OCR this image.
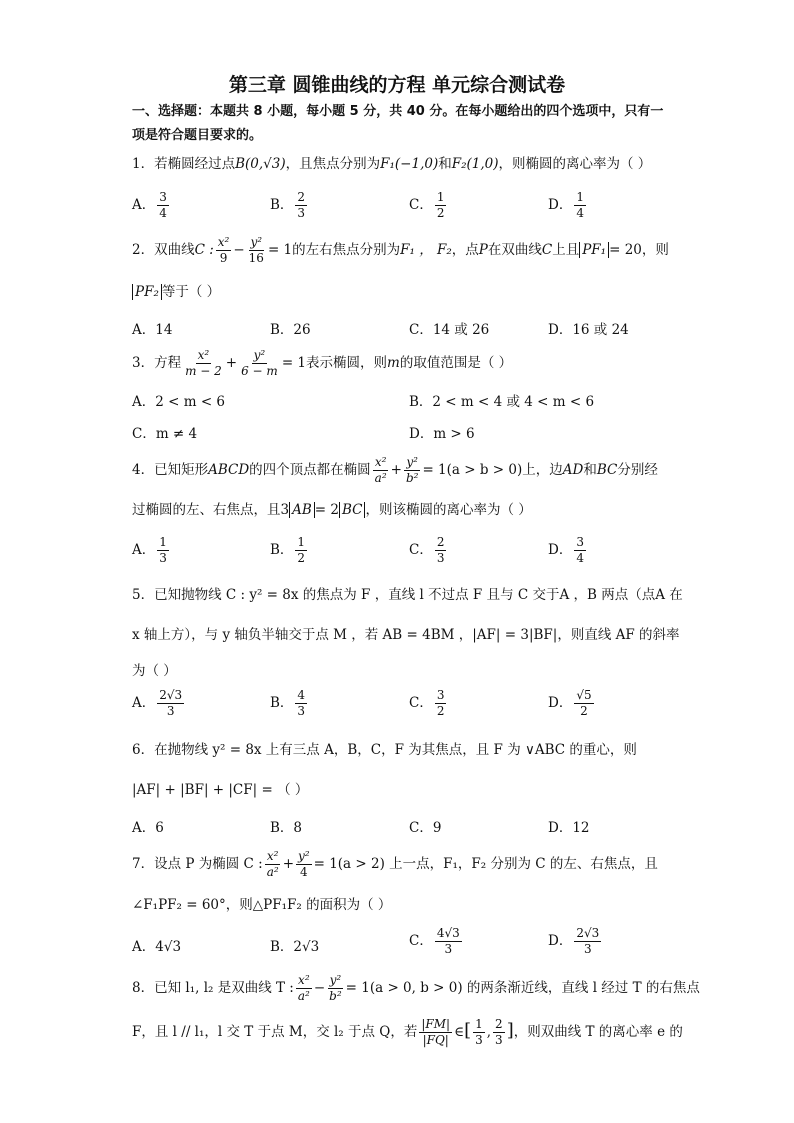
第三章 圆锥曲线的方程 单元综合测试卷
一、选择题：本题共 8 小题，每小题 5 分，共 40 分。在每小题给出的四个选项中，只有一项是符合题目要求的。
1．若椭圆经过点B(0,√3)，且焦点分别为F₁(−1,0)和F₂(1,0)，则椭圆的离心率为（ ）
A． $\frac{3}{4}$	B． $\frac{2}{3}$	C． $\frac{1}{2}$	D． $\frac{1}{4}$
2．双曲线C : $\frac{\text{x²}}{9} - \frac{\text{y²}}{16} = 1$的左右焦点分别为F₁ ， F₂，点P在双曲线C上且 PF₁ = 20，则
PF₂ 等于（ ）
A．14	B．26	C．14 或 26	D．16 或 24
3．方程 $\frac{\text{x²}}{m - 2} + \frac{\text{y²}}{6 - m} = 1$表示椭圆，则m的取值范围是（ ）
A．2 < m < 6	B．2 < m < 4 或 4 < m < 6
C．m ≠ 4	D．m > 6
4．已知矩形ABCD的四个顶点都在椭圆 $\frac{\text{x²}}{\text{a²}} + \frac{\text{y²}}{\text{b²}} = 1(a > b > 0)$上，边AD和BC分别经
过椭圆的左、右焦点，且3 AB = 2 BC ，则该椭圆的离心率为（ ）
A． $\frac{1}{3}$	B． $\frac{1}{2}$	C． $\frac{2}{3}$	D． $\frac{3}{4}$
5．已知抛物线 C : y² = 8x 的焦点为 F ，直线 l 不过点 F 且与 C 交于A ，B 两点（点A 在
x 轴上方），与 y 轴负半轴交于点 M ，若 AB = 4BM ，|AF| = 3|BF|，则直线 AF 的斜率
为（ ）
A． $\frac{2√3}{3}$	B． $\frac{4}{3}$	C． $\frac{3}{2}$	D． $\frac{√5}{2}$
6．在抛物线 y² = 8x 上有三点 A，B，C，F 为其焦点，且 F 为 ∨ABC 的重心，则
|AF| + |BF| + |CF| = （ ）
A．6	B．8	C．9	D．12
7．设点 P 为椭圆 C : $\frac{\text{x²}}{\text{a²}} + \frac{\text{y²}}{4} = 1(a > 2)$ 上一点，F₁，F₂ 分别为 C 的左、右焦点，且
∠F₁PF₂ = 60°，则△PF₁F₂ 的面积为（ ）
A．4√3	B．2√3	C． $\frac{4√3}{3}$	D． $\frac{2√3}{3}$
8．已知 l₁, l₂ 是双曲线 T : $\frac{\text{x²}}{\text{a²}} - \frac{\text{y²}}{\text{b²}} = 1(a > 0$, b > 0) 的两条渐近线，直线 l 经过 T 的右焦点
F，且 l // l₁，l 交 T 于点 M，交 l₂ 于点 Q，若 $\frac{|FM|}{|FQ|}$ ∈[ $\frac{1}{3}$ , $\frac{2}{3}$ ]，则双曲线 T 的离心率 e 的
